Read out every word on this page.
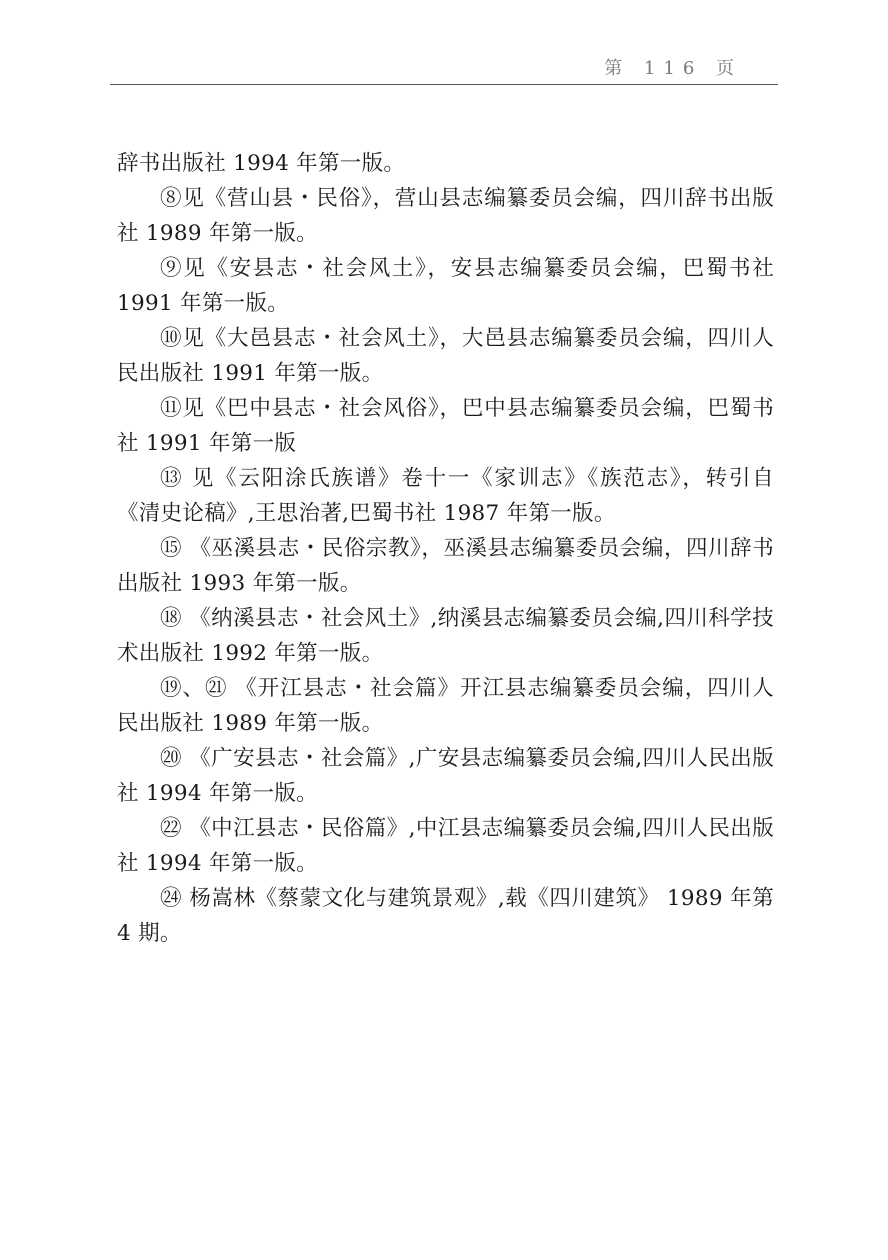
第 116 页

辞书出版社 1994 年第一版。

⑧见《营山县・民俗》，营山县志编纂委员会编，四川辞书出版社 1989 年第一版。

⑨见《安县志・社会风土》，安县志编纂委员会编，巴蜀书社 1991 年第一版。

⑩见《大邑县志・社会风土》，大邑县志编纂委员会编，四川人民出版社 1991 年第一版。

⑪见《巴中县志・社会风俗》，巴中县志编纂委员会编，巴蜀书社 1991 年第一版

⑬ 见《云阳涂氏族谱》卷十一《家训志》《族范志》，转引自《清史论稿》,王思治著,巴蜀书社 1987 年第一版。

⑮ 《巫溪县志・民俗宗教》，巫溪县志编纂委员会编，四川辞书出版社 1993 年第一版。

⑱ 《纳溪县志・社会风土》,纳溪县志编纂委员会编,四川科学技术出版社 1992 年第一版。

⑲、㉑ 《开江县志・社会篇》开江县志编纂委员会编，四川人民出版社 1989 年第一版。

⑳ 《广安县志・社会篇》,广安县志编纂委员会编,四川人民出版社 1994 年第一版。

㉒ 《中江县志・民俗篇》,中江县志编纂委员会编,四川人民出版社 1994 年第一版。

㉔ 杨嵩林《蔡蒙文化与建筑景观》,载《四川建筑》 1989 年第 4 期。
